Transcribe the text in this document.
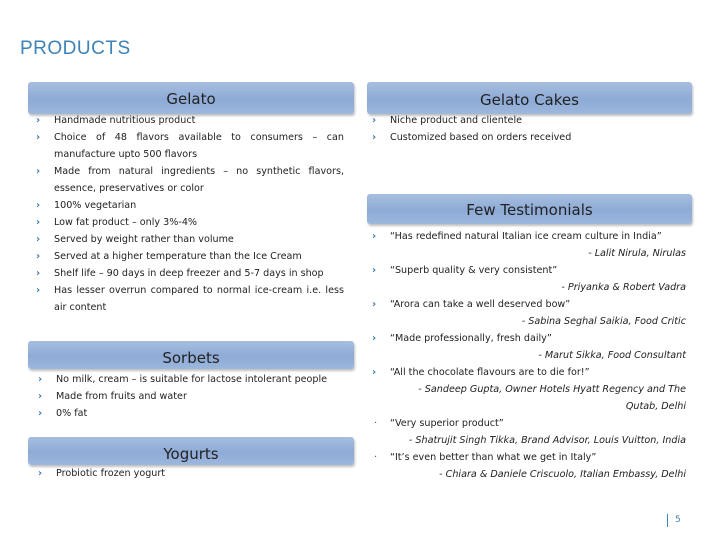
PRODUCTS
Gelato
› Handmade nutritious product
› Choice of 48 flavors available to consumers – can manufacture upto 500 flavors
› Made from natural ingredients – no synthetic flavors, essence, preservatives or color
› 100% vegetarian
› Low fat product – only 3%-4%
› Served by weight rather than volume
› Served at a higher temperature than the Ice Cream
› Shelf life – 90 days in deep freezer and 5-7 days in shop
› Has lesser overrun compared to normal ice-cream i.e. less air content
Sorbets
› No milk, cream – is suitable for lactose intolerant people
› Made from fruits and water
› 0% fat
Yogurts
› Probiotic frozen yogurt
Gelato Cakes
› Niche product and clientele
› Customized based on orders received
Few Testimonials
› “Has redefined natural Italian ice cream culture in India”
- Lalit Nirula, Nirulas
› “Superb quality & very consistent”
- Priyanka & Robert Vadra
› “Arora can take a well deserved bow”
- Sabina Seghal Saikia, Food Critic
› “Made professionally, fresh daily”
- Marut Sikka, Food Consultant
› “All the chocolate flavours are to die for!”
- Sandeep Gupta, Owner Hotels Hyatt Regency and The Qutab, Delhi
· “Very superior product”
- Shatrujit Singh Tikka, Brand Advisor, Louis Vuitton, India
· “It’s even better than what we get in Italy”
- Chiara & Daniele Criscuolo, Italian Embassy, Delhi
5
